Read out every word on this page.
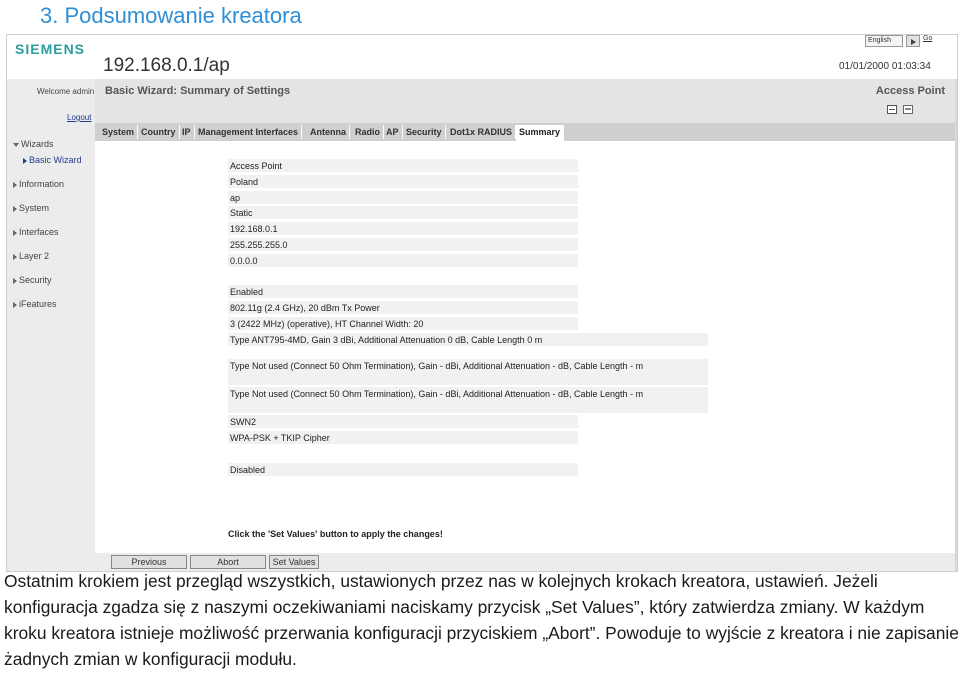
3. Podsumowanie kreatora
SIEMENS
192.168.0.1/ap
English	Go
01/01/2000 01:03:34
Welcome admin
Logout
Wizards
Basic Wizard
Information
System
Interfaces
Layer 2
Security
iFeatures
Basic Wizard: Summary of Settings	Access Point
System Country IP Management Interfaces	Antenna	Radio AP Security Dot1x RADIUS Summary
Access Point
Poland
ap
Static
192.168.0.1
255.255.255.0
0.0.0.0
Enabled
802.11g (2.4 GHz), 20 dBm Tx Power
3 (2422 MHz) (operative), HT Channel Width: 20
Type ANT795-4MD, Gain 3 dBi, Additional Attenuation 0 dB, Cable Length 0 m
Type Not used (Connect 50 Ohm Termination), Gain - dBi, Additional Attenuation - dB, Cable Length - m
Type Not used (Connect 50 Ohm Termination), Gain - dBi, Additional Attenuation - dB, Cable Length - m
SWN2
WPA-PSK + TKIP Cipher
Disabled
Click the 'Set Values' button to apply the changes!
Previous	Abort	Set Values
Ostatnim krokiem jest przegląd wszystkich, ustawionych przez nas w kolejnych krokach kreatora, ustawień. Jeżeli konfiguracja zgadza się z naszymi oczekiwaniami naciskamy przycisk „Set Values”, który zatwierdza zmiany. W każdym kroku kreatora istnieje możliwość przerwania konfiguracji przyciskiem „Abort”. Powoduje to wyjście z kreatora i nie zapisanie żadnych zmian w konfiguracji modułu.
